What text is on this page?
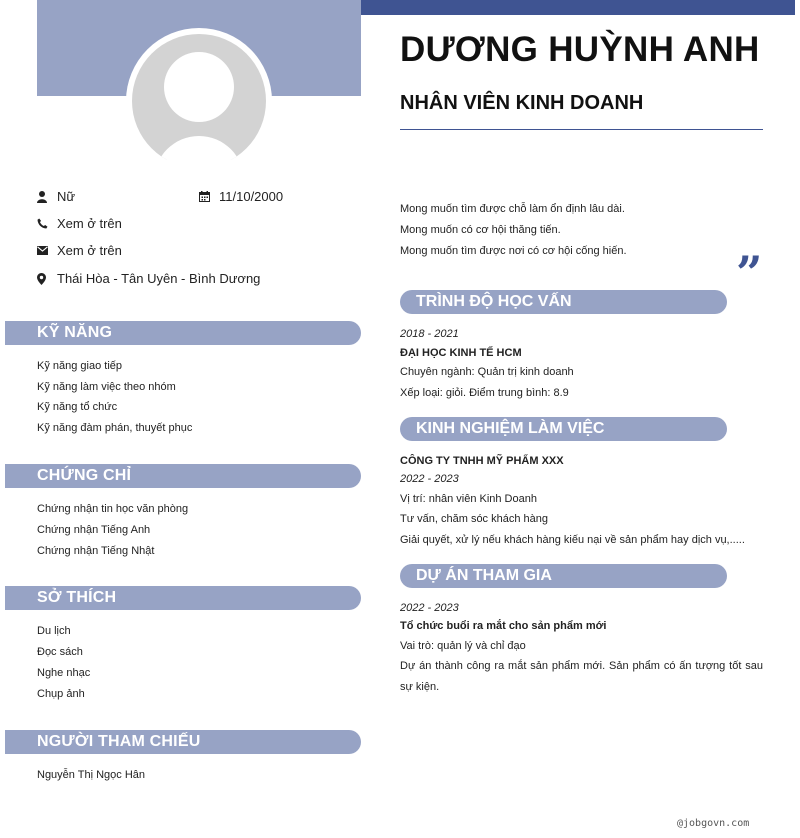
Nữ	11/10/2000
Xem ở trên
Xem ở trên
Thái Hòa - Tân Uyên - Bình Dương
KỸ NĂNG
Kỹ năng giao tiếp
Kỹ năng làm việc theo nhóm
Kỹ năng tổ chức
Kỹ năng đàm phán, thuyết phục
CHỨNG CHỈ
Chứng nhận tin học văn phòng
Chứng nhận Tiếng Anh
Chứng nhận Tiếng Nhật
SỞ THÍCH
Du lịch
Đọc sách
Nghe nhạc
Chụp ảnh
NGƯỜI THAM CHIẾU
Nguyễn Thị Ngọc Hân
DƯƠNG HUỲNH ANH
NHÂN VIÊN KINH DOANH
Mong muốn tìm được chỗ làm ổn định lâu dài.
Mong muốn có cơ hội thăng tiến.
Mong muốn tìm được nơi có cơ hội cống hiến. ”
TRÌNH ĐỘ HỌC VẤN
2018 - 2021
ĐẠI HỌC KINH TẾ HCM
Chuyên ngành: Quản trị kinh doanh
Xếp loại: giỏi. Điểm trung bình: 8.9
KINH NGHIỆM LÀM VIỆC
CÔNG TY TNHH MỸ PHẨM XXX
2022 - 2023
Vị trí: nhân viên Kinh Doanh
Tư vấn, chăm sóc khách hàng
Giải quyết, xử lý nếu khách hàng kiếu nại về sản phẩm hay dịch vụ,.....
DỰ ÁN THAM GIA
2022 - 2023
Tổ chức buổi ra mắt cho sản phẩm mới
Vai trò: quản lý và chỉ đạo
Dự án thành công ra mắt sản phẩm mới. Sản phẩm có ấn tượng tốt sau sự kiện.
@jobgovn.com
